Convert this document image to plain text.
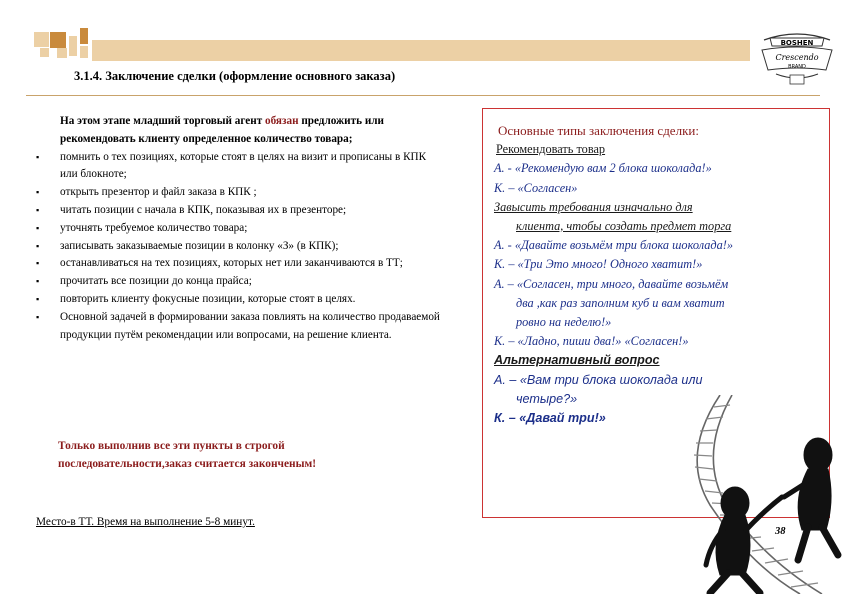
BOSHEN
Crescendo
BRAND
3.1.4. Заключение сделки (оформление основного заказа)
На этом этапе младший торговый агент обязан предложить или рекомендовать клиенту определенное количество товара;
▪ помнить о тех позициях, которые стоят в целях на визит и прописаны в КПК или блокноте;
▪ открыть презентор и файл заказа в КПК ;
▪ читать позиции с начала в КПК, показывая их в презенторе;
▪ уточнять требуемое количество товара;
▪ записывать заказываемые позиции в колонку «З» (в КПК);
▪ останавливаться на тех позициях, которых нет или заканчиваются в ТТ;
▪ прочитать все позиции до конца прайса;
▪ повторить клиенту фокусные позиции, которые стоят в целях.
▪ Основной задачей в формировании заказа повлиять на количество продаваемой продукции путём рекомендации или вопросами, на решение клиента.
Только выполнив все эти пункты в строгой последовательности,заказ считается законченым!
Место-в ТТ. Время на выполнение 5-8 минут.
Основные типы заключения сделки:
Рекомендовать товар
А. - «Рекомендую вам 2 блока шоколада!»
К. – «Согласен»
Завысить требования изначально для
клиента, чтобы создать предмет торга
А. - «Давайте возьмём три блока шоколада!»
К. – «Три Это много! Одного хватит!»
А. – «Согласен, три много, давайте возьмём
два ,как раз заполним куб и вам хватит
ровно на неделю!»
К. – «Ладно, пиши два!» «Согласен!»
Альтернативный вопрос
А. – «Вам три блока шоколада или
четыре?»
К. – «Давай три!»
38
